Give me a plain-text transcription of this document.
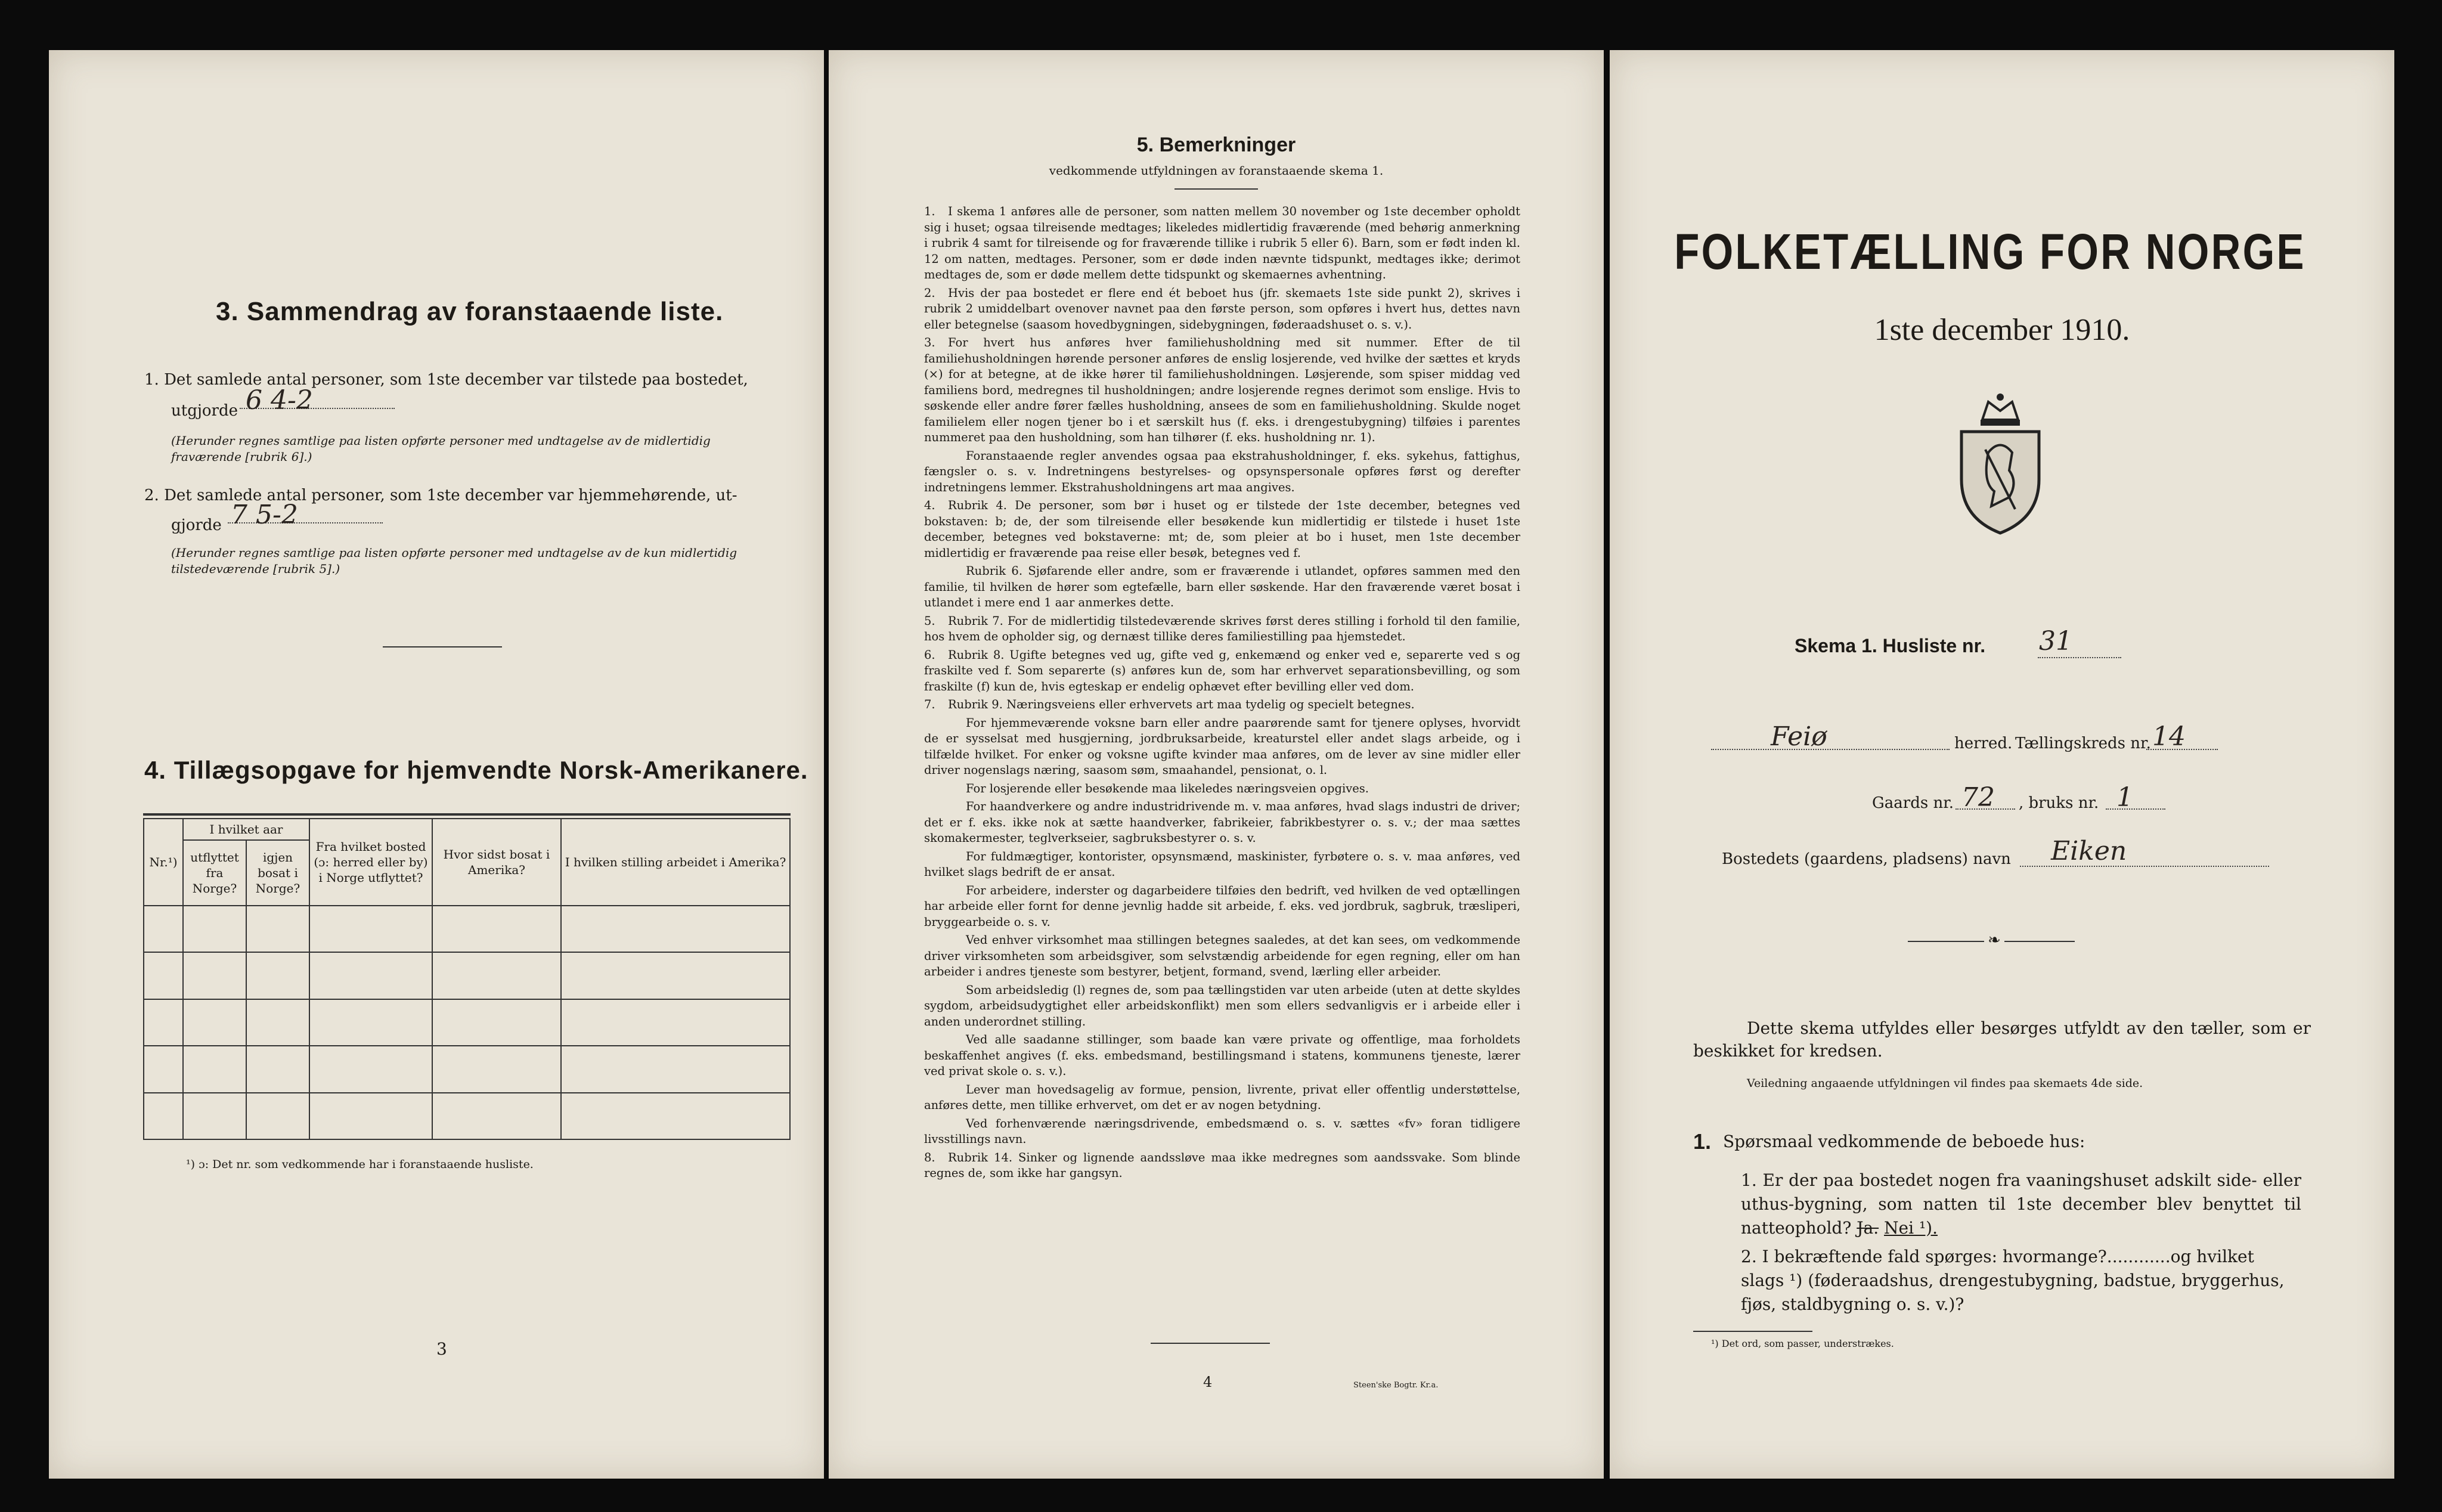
3. Sammendrag av foranstaaende liste.
1. Det samlede antal personer, som 1ste december var tilstede paa bostedet,
utgjorde 6 4-2
(Herunder regnes samtlige paa listen opførte personer med undtagelse av de midlertidig fraværende [rubrik 6].)
2. Det samlede antal personer, som 1ste december var hjemmehørende, ut-
gjorde 7 5-2
(Herunder regnes samtlige paa listen opførte personer med undtagelse av de kun midlertidig tilstedeværende [rubrik 5].)
4. Tillægsopgave for hjemvendte Norsk-Amerikanere.
Nr.¹)	I hvilket aar		Fra hvilket bosted (ɔ: herred eller by) i Norge utflyttet?	Hvor sidst bosat i Amerika?	I hvilken stilling arbeidet i Amerika?
	utflyttet fra Norge?	igjen bosat i Norge?			

¹) ɔ: Det nr. som vedkommende har i foranstaaende husliste.
3
5. Bemerkninger
vedkommende utfyldningen av foranstaaende skema 1.

1. I skema 1 anføres alle de personer, som natten mellem 30 november og 1ste december opholdt sig i huset; ogsaa tilreisende medtages; likeledes midlertidig fraværende (med behørig anmerkning i rubrik 4 samt for tilreisende og for fraværende tillike i rubrik 5 eller 6). Barn, som er født inden kl. 12 om natten, medtages. Personer, som er døde inden nævnte tidspunkt, medtages ikke; derimot medtages de, som er døde mellem dette tidspunkt og skemaernes avhentning.

2. Hvis der paa bostedet er flere end ét beboet hus (jfr. skemaets 1ste side punkt 2), skrives i rubrik 2 umiddelbart ovenover navnet paa den første person, som opføres i hvert hus, dettes navn eller betegnelse (saasom hovedbygningen, sidebygningen, føderaadshuset o. s. v.).

3. For hvert hus anføres hver familiehusholdning med sit nummer. Efter de til familiehusholdningen hørende personer anføres de enslig losjerende, ved hvilke der sættes et kryds (×) for at betegne, at de ikke hører til familiehusholdningen. Løsjerende, som spiser middag ved familiens bord, medregnes til husholdningen; andre losjerende regnes derimot som enslige. Hvis to søskende eller andre fører fælles husholdning, ansees de som en familiehusholdning. Skulde noget familielem eller nogen tjener bo i et særskilt hus (f. eks. i drengestubygning) tilføies i parentes nummeret paa den husholdning, som han tilhører (f. eks. husholdning nr. 1).

Foranstaaende regler anvendes ogsaa paa ekstrahusholdninger, f. eks. sykehus, fattighus, fængsler o. s. v. Indretningens bestyrelses- og opsynspersonale opføres først og derefter indretningens lemmer. Ekstrahusholdningens art maa angives.

4. Rubrik 4. De personer, som bør i huset og er tilstede der 1ste december, betegnes ved bokstaven: b; de, der som tilreisende eller besøkende kun midlertidig er tilstede i huset 1ste december, betegnes ved bokstaverne: mt; de, som pleier at bo i huset, men 1ste december midlertidig er fraværende paa reise eller besøk, betegnes ved f.

Rubrik 6. Sjøfarende eller andre, som er fraværende i utlandet, opføres sammen med den familie, til hvilken de hører som egtefælle, barn eller søskende. Har den fraværende været bosat i utlandet i mere end 1 aar anmerkes dette.

5. Rubrik 7. For de midlertidig tilstedeværende skrives først deres stilling i forhold til den familie, hos hvem de opholder sig, og dernæst tillike deres familiestilling paa hjemstedet.

6. Rubrik 8. Ugifte betegnes ved ug, gifte ved g, enkemænd og enker ved e, separerte ved s og fraskilte ved f. Som separerte (s) anføres kun de, som har erhvervet separationsbevilling, og som fraskilte (f) kun de, hvis egteskap er endelig ophævet efter bevilling eller ved dom.

7. Rubrik 9. Næringsveiens eller erhvervets art maa tydelig og specielt betegnes.

For hjemmeværende voksne barn eller andre paarørende samt for tjenere oplyses, hvorvidt de er sysselsat med husgjerning, jordbruksarbeide, kreaturstel eller andet slags arbeide, og i tilfælde hvilket. For enker og voksne ugifte kvinder maa anføres, om de lever av sine midler eller driver nogenslags næring, saasom søm, smaahandel, pensionat, o. l.

For losjerende eller besøkende maa likeledes næringsveien opgives.

For haandverkere og andre industridrivende m. v. maa anføres, hvad slags industri de driver; det er f. eks. ikke nok at sætte haandverker, fabrikeier, fabrikbestyrer o. s. v.; der maa sættes skomakermester, teglverkseier, sagbruksbestyrer o. s. v.

For fuldmægtiger, kontorister, opsynsmænd, maskinister, fyrbøtere o. s. v. maa anføres, ved hvilket slags bedrift de er ansat.

For arbeidere, inderster og dagarbeidere tilføies den bedrift, ved hvilken de ved optællingen har arbeide eller fornt for denne jevnlig hadde sit arbeide, f. eks. ved jordbruk, sagbruk, træsliperi, bryggearbeide o. s. v.

Ved enhver virksomhet maa stillingen betegnes saaledes, at det kan sees, om vedkommende driver virksomheten som arbeidsgiver, som selvstændig arbeidende for egen regning, eller om han arbeider i andres tjeneste som bestyrer, betjent, formand, svend, lærling eller arbeider.

Som arbeidsledig (l) regnes de, som paa tællingstiden var uten arbeide (uten at dette skyldes sygdom, arbeidsudygtighet eller arbeidskonflikt) men som ellers sedvanligvis er i arbeide eller i anden underordnet stilling.

Ved alle saadanne stillinger, som baade kan være private og offentlige, maa forholdets beskaffenhet angives (f. eks. embedsmand, bestillingsmand i statens, kommunens tjeneste, lærer ved privat skole o. s. v.).

Lever man hovedsagelig av formue, pension, livrente, privat eller offentlig understøttelse, anføres dette, men tillike erhvervet, om det er av nogen betydning.

Ved forhenværende næringsdrivende, embedsmænd o. s. v. sættes «fv» foran tidligere livsstillings navn.

8. Rubrik 14. Sinker og lignende aandssløve maa ikke medregnes som aandssvake. Som blinde regnes de, som ikke har gangsyn.

4	Steen'ske Bogtr. Kr.a.
FOLKETÆLLING FOR NORGE
1ste december 1910.
Skema 1. Husliste nr. 31
Feiø	herred. Tællingskreds nr. 14
Gaards nr. 72 , bruks nr. 1
Bostedets (gaardens, pladsens) navn Eiken
❧
Dette skema utfyldes eller besørges utfyldt av den tæller, som er beskikket for kredsen.
Veiledning angaaende utfyldningen vil findes paa skemaets 4de side.
1. Spørsmaal vedkommende de beboede hus:
1. Er der paa bostedet nogen fra vaaningshuset adskilt side- eller uthus-bygning, som natten til 1ste december blev benyttet til natteophold? Ja. Nei ¹).
2. I bekræftende fald spørges: hvormange?............og hvilket slags ¹) (føderaadshus, drengestubygning, badstue, bryggerhus, fjøs, staldbygning o. s. v.)?
¹) Det ord, som passer, understrækes.
